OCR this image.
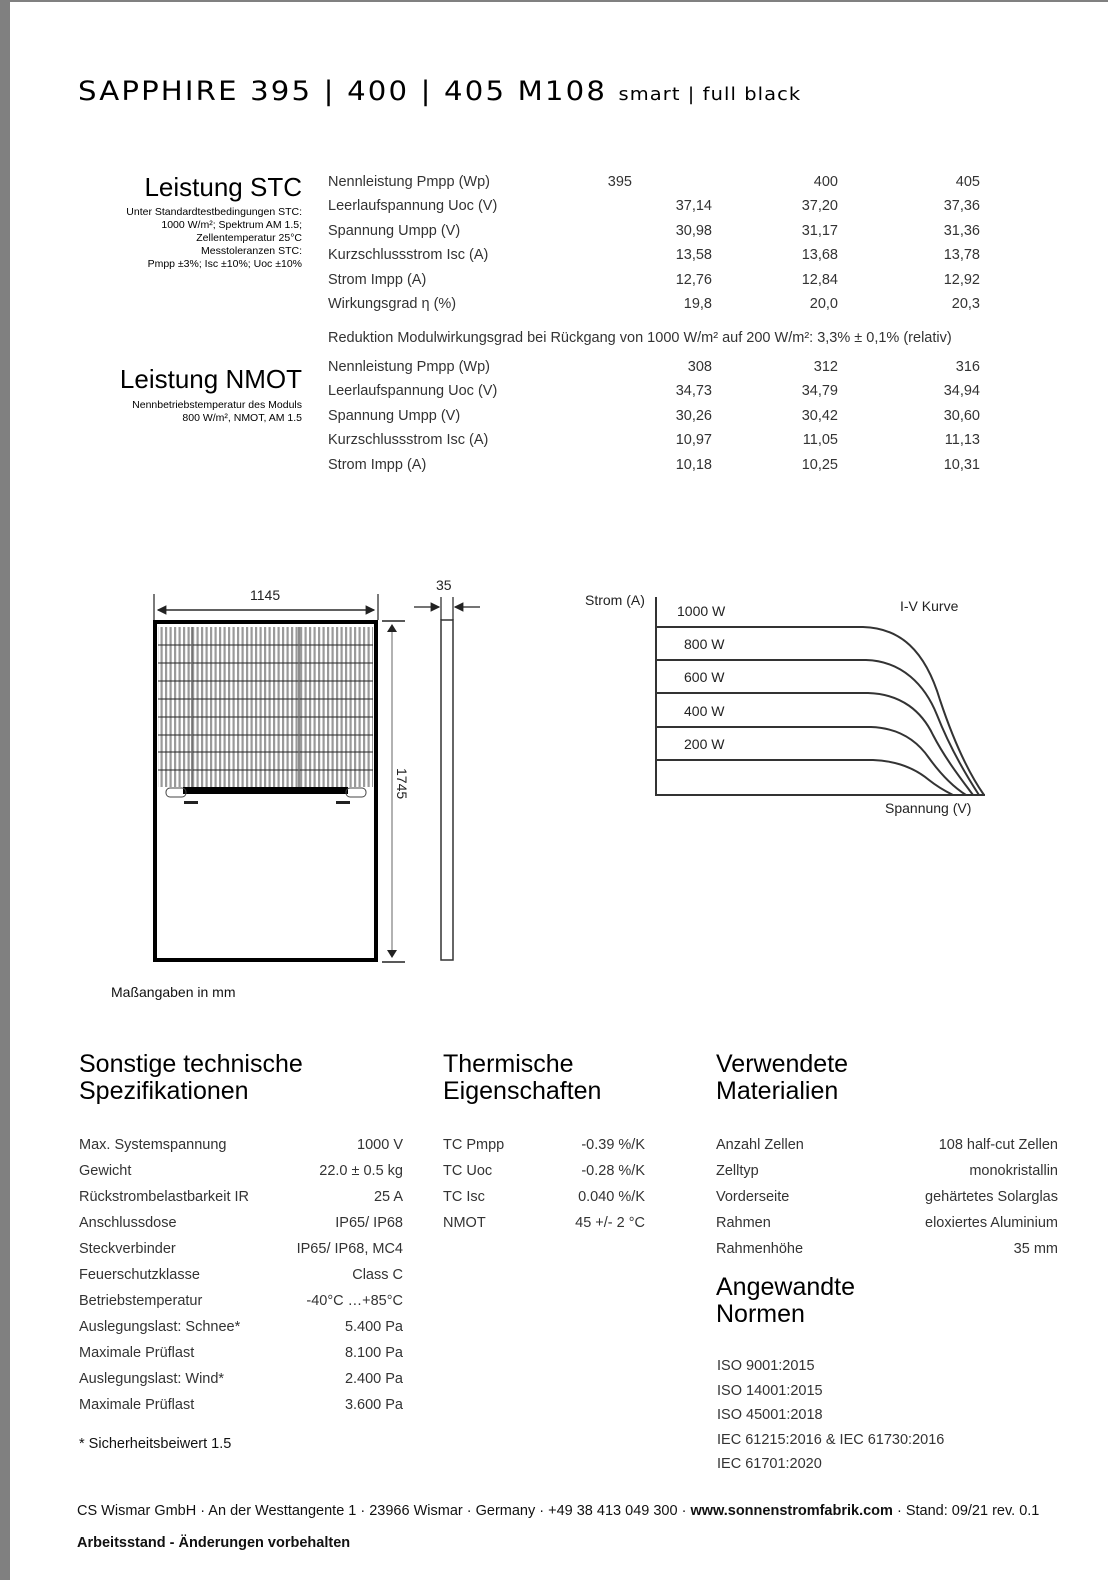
SAPPHIRE 395 | 400 | 405 M108 smart | full black
Leistung STC
Unter Standardtestbedingungen STC:
1000 W/m²; Spektrum AM 1.5;
Zellentemperatur 25°C
Messtoleranzen STC:
Pmpp ±3%; Isc ±10%; Uoc ±10%
Nennleistung Pmpp (Wp)	395	400	405
Leerlaufspannung Uoc (V)	37,14	37,20	37,36
Spannung Umpp (V)	30,98	31,17	31,36
Kurzschlussstrom Isc (A)	13,58	13,68	13,78
Strom Impp (A)	12,76	12,84	12,92
Wirkungsgrad η (%)	19,8	20,0	20,3
Reduktion Modulwirkungsgrad bei Rückgang von 1000 W/m² auf 200 W/m²: 3,3% ± 0,1% (relativ)
Leistung NMOT
Nennbetriebstemperatur des Moduls
800 W/m², NMOT, AM 1.5
Nennleistung Pmpp (Wp)	308	312	316
Leerlaufspannung Uoc (V)	34,73	34,79	34,94
Spannung Umpp (V)	30,26	30,42	30,60
Kurzschlussstrom Isc (A)	10,97	11,05	11,13
Strom Impp (A)	10,18	10,25	10,31
1145
1745
35
Maßangaben in mm
Strom (A)
Spannung (V)
I-V Kurve
1000 W
800 W
600 W
400 W
200 W
Sonstige technische
Spezifikationen
Max. Systemspannung	1000 V
Gewicht	22.0 ± 0.5 kg
Rückstrombelastbarkeit IR	25 A
Anschlussdose	IP65/ IP68
Steckverbinder	IP65/ IP68, MC4
Feuerschutzklasse	Class C
Betriebstemperatur	-40°C …+85°C
Auslegungslast: Schnee*	5.400 Pa
Maximale Prüflast	8.100 Pa
Auslegungslast: Wind*	2.400 Pa
Maximale Prüflast	3.600 Pa
* Sicherheitsbeiwert 1.5
Thermische
Eigenschaften
TC Pmpp	-0.39 %/K
TC Uoc	-0.28 %/K
TC Isc	0.040 %/K
NMOT	45 +/- 2 °C
Verwendete
Materialien
Anzahl Zellen	108 half-cut Zellen
Zelltyp	monokristallin
Vorderseite	gehärtetes Solarglas
Rahmen	eloxiertes Aluminium
Rahmenhöhe	35 mm
Angewandte
Normen
ISO 9001:2015
ISO 14001:2015
ISO 45001:2018
IEC 61215:2016 & IEC 61730:2016
IEC 61701:2020
CS Wismar GmbH · An der Westtangente 1 · 23966 Wismar · Germany · +49 38 413 049 300 · www.sonnenstromfabrik.com · Stand: 09/21 rev. 0.1
Arbeitsstand - Änderungen vorbehalten
